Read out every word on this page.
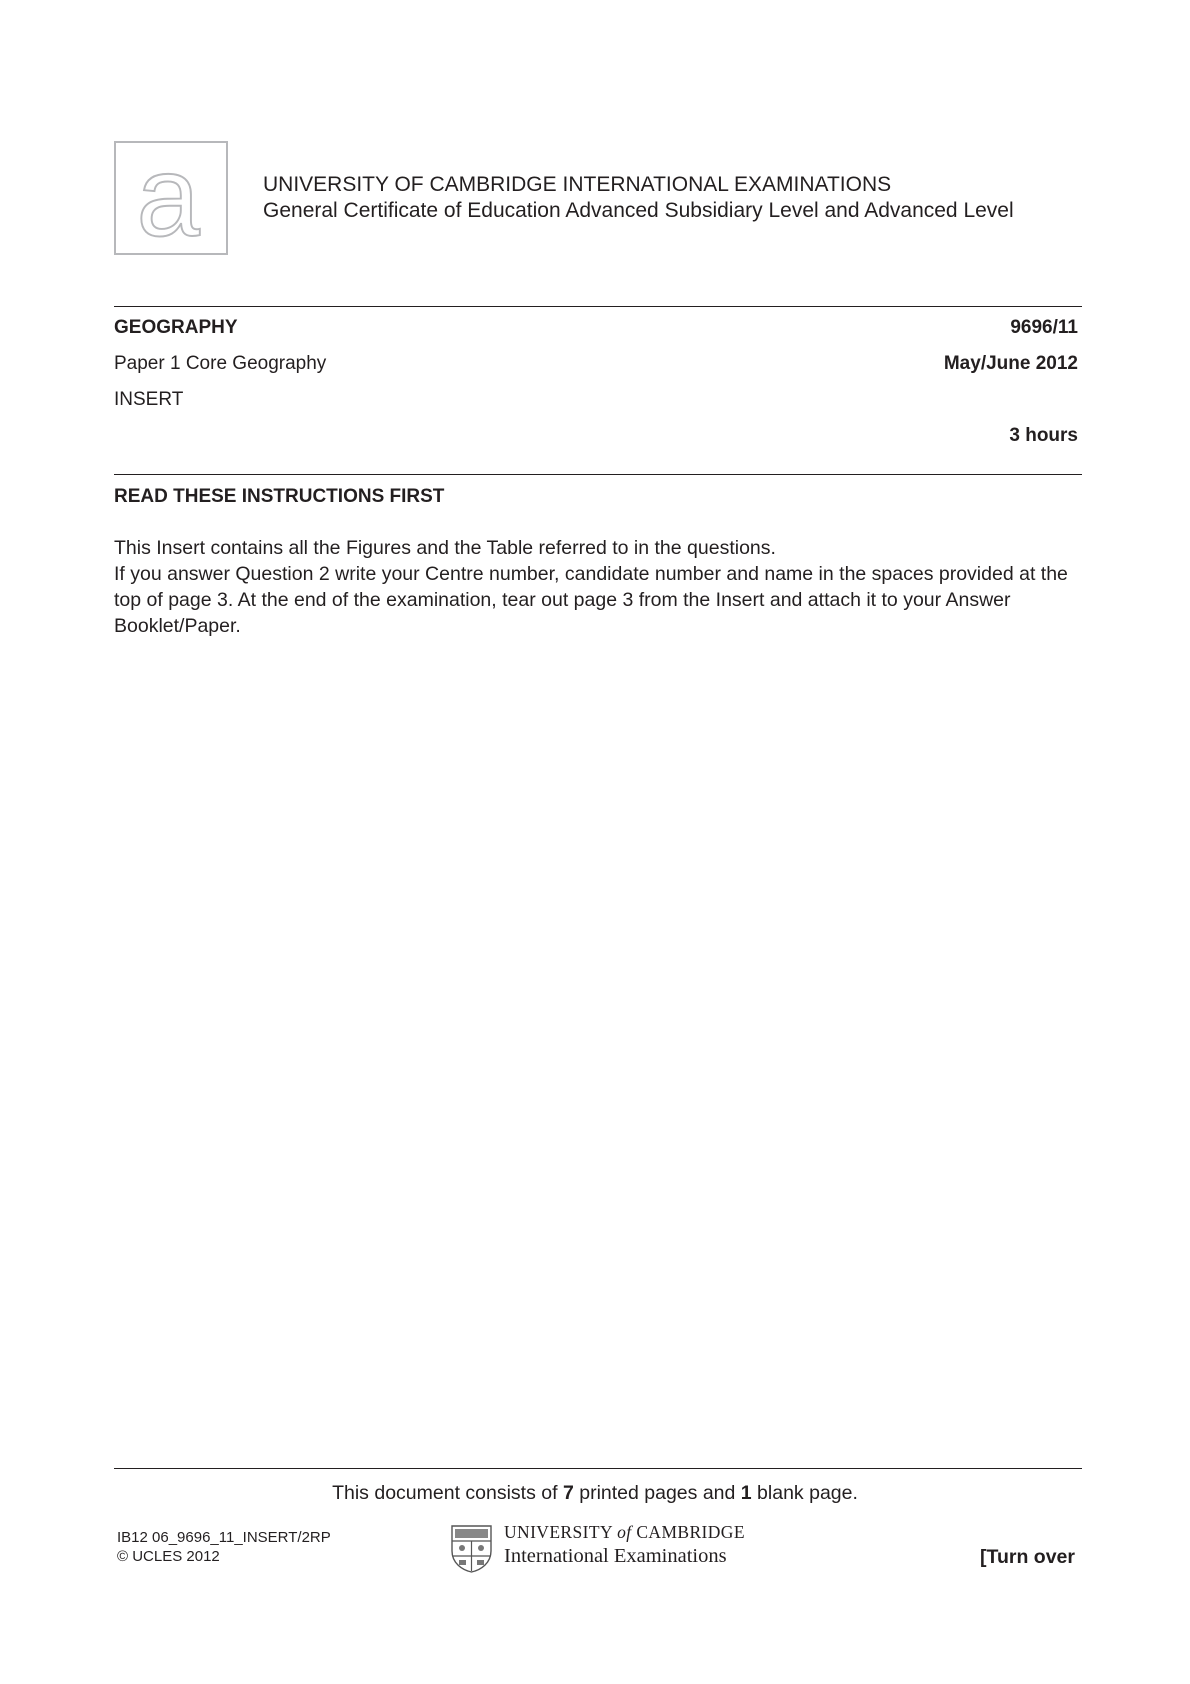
a	UNIVERSITY OF CAMBRIDGE INTERNATIONAL EXAMINATIONS
General Certificate of Education Advanced Subsidiary Level and Advanced Level
GEOGRAPHY	9696/11
Paper 1 Core Geography	May/June 2012
INSERT
3 hours
READ THESE INSTRUCTIONS FIRST

This Insert contains all the Figures and the Table referred to in the questions.

If you answer Question 2 write your Centre number, candidate number and name in the spaces provided at the top of page 3. At the end of the examination, tear out page 3 from the Insert and attach it to your Answer Booklet/Paper.

This document consists of 7 printed pages and 1 blank page.
IB12 06_9696_11_INSERT/2RP
© UCLES 2012
UNIVERSITY of CAMBRIDGE
International Examinations	[Turn over
